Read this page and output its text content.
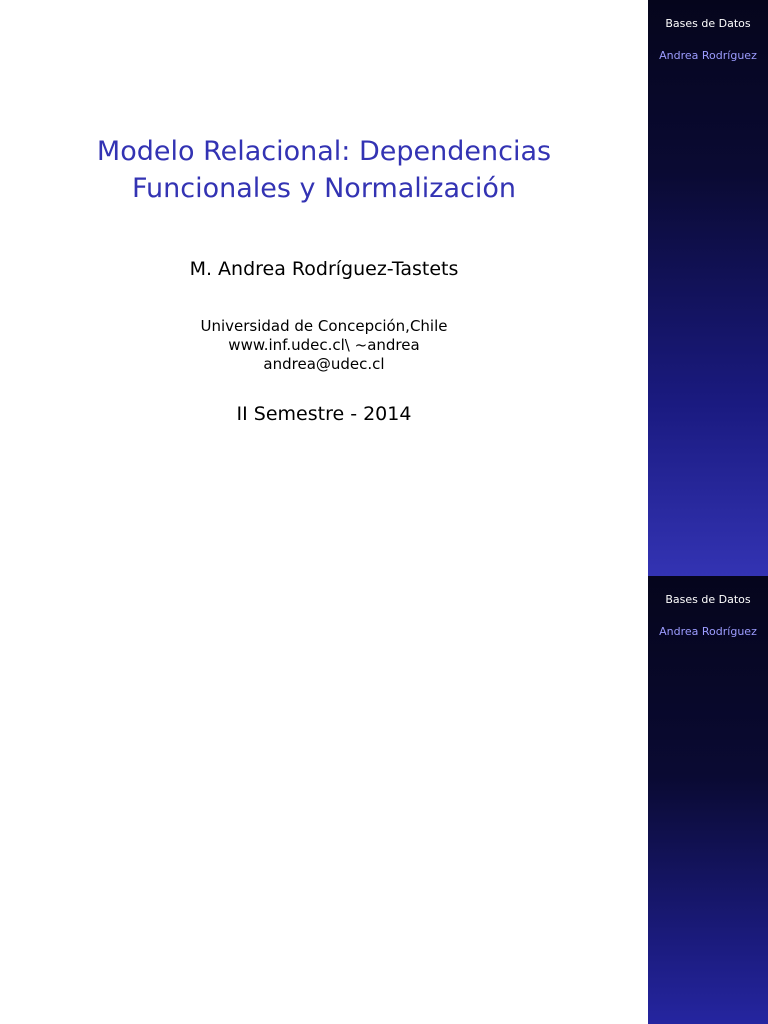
Modelo Relacional: Dependencias
Funcionales y Normalización
M. Andrea Rodríguez-Tastets
Universidad de Concepción,Chile
www.inf.udec.cl\ ~andrea
andrea@udec.cl
II Semestre - 2014
Bases de Datos
Andrea Rodríguez
Bases de Datos
Andrea Rodríguez
